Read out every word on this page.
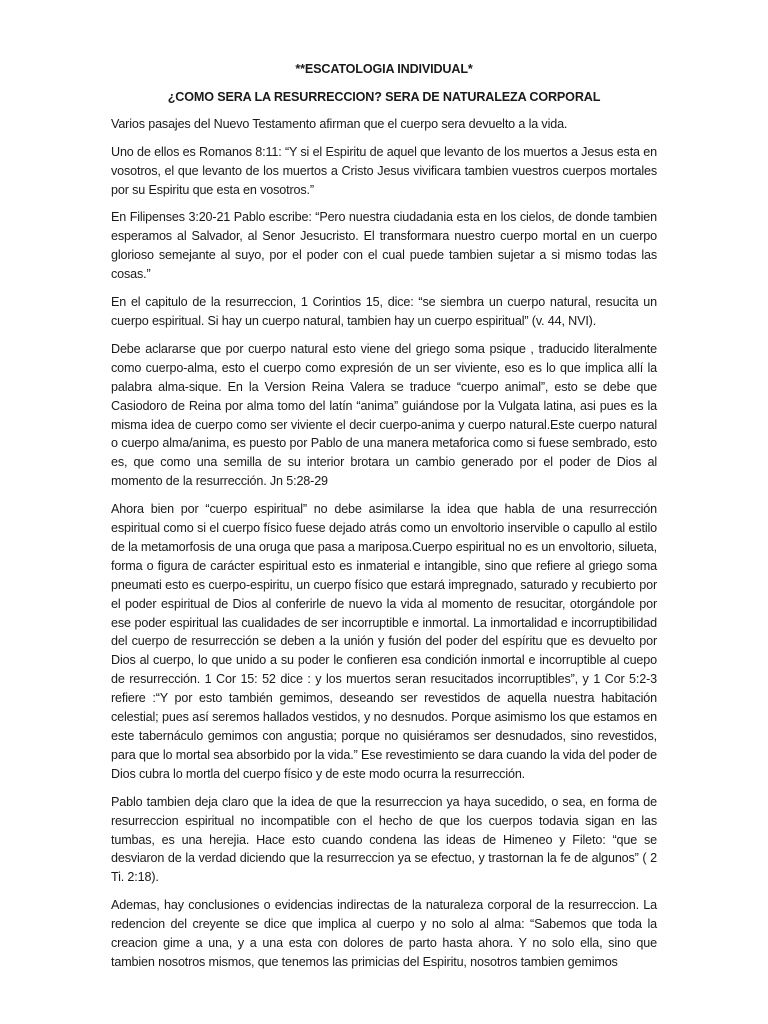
**ESCATOLOGIA INDIVIDUAL*

¿COMO SERA LA RESURRECCION? SERA DE NATURALEZA CORPORAL

Varios pasajes del Nuevo Testamento afirman que el cuerpo sera devuelto a la vida.

Uno de ellos es Romanos 8:11: “Y si el Espiritu de aquel que levanto de los muertos a Jesus esta en vosotros, el que levanto de los muertos a Cristo Jesus vivificara tambien vuestros cuerpos mortales por su Espiritu que esta en vosotros.”

En Filipenses 3:20-21 Pablo escribe: “Pero nuestra ciudadania esta en los cielos, de donde tambien esperamos al Salvador, al Senor Jesucristo. El transformara nuestro cuerpo mortal en un cuerpo glorioso semejante al suyo, por el poder con el cual puede tambien sujetar a si mismo todas las cosas.”

En el capitulo de la resurreccion, 1 Corintios 15, dice: “se siembra un cuerpo natural, resucita un cuerpo espiritual. Si hay un cuerpo natural, tambien hay un cuerpo espiritual” (v. 44, NVI).

Debe aclararse que por cuerpo natural esto viene del griego soma psique , traducido literalmente como cuerpo-alma, esto el cuerpo como expresión de un ser viviente, eso es lo que implica allí la palabra alma-sique. En la Version Reina Valera se traduce “cuerpo animal”, esto se debe que Casiodoro de Reina por alma tomo del latín “anima” guiándose por la Vulgata latina, asi pues es la misma idea de cuerpo como ser viviente el decir cuerpo-anima y cuerpo natural.Este cuerpo natural o cuerpo alma/anima, es puesto por Pablo de una manera metaforica como si fuese sembrado, esto es, que como una semilla de su interior brotara un cambio generado por el poder de Dios al momento de la resurrección. Jn 5:28-29

Ahora bien por “cuerpo espiritual” no debe asimilarse la idea que habla de una resurrección espiritual como si el cuerpo físico fuese dejado atrás como un envoltorio inservible o capullo al estilo de la metamorfosis de una oruga que pasa a mariposa.Cuerpo espiritual no es un envoltorio, silueta, forma o figura de carácter espiritual esto es inmaterial e intangible, sino que refiere al griego soma pneumati esto es cuerpo-espiritu, un cuerpo físico que estará impregnado, saturado y recubierto por el poder espiritual de Dios al conferirle de nuevo la vida al momento de resucitar, otorgándole por ese poder espiritual las cualidades de ser incorruptible e inmortal. La inmortalidad e incorruptibilidad del cuerpo de resurrección se deben a la unión y fusión del poder del espíritu que es devuelto por Dios al cuerpo, lo que unido a su poder le confieren esa condición inmortal e incorruptible al cuepo de resurrección. 1 Cor 15: 52 dice : y los muertos seran resucitados incorruptibles”, y 1 Cor 5:2-3 refiere :“Y por esto también gemimos, deseando ser revestidos de aquella nuestra habitación celestial; pues así seremos hallados vestidos, y no desnudos. Porque asimismo los que estamos en este tabernáculo gemimos con angustia; porque no quisiéramos ser desnudados, sino revestidos, para que lo mortal sea absorbido por la vida.” Ese revestimiento se dara cuando la vida del poder de Dios cubra lo mortla del cuerpo físico y de este modo ocurra la resurrección.

Pablo tambien deja claro que la idea de que la resurreccion ya haya sucedido, o sea, en forma de resurreccion espiritual no incompatible con el hecho de que los cuerpos todavia sigan en las tumbas, es una herejia. Hace esto cuando condena las ideas de Himeneo y Fileto: “que se desviaron de la verdad diciendo que la resurreccion ya se efectuo, y trastornan la fe de algunos” ( 2 Ti. 2:18).

Ademas, hay conclusiones o evidencias indirectas de la naturaleza corporal de la resurreccion. La redencion del creyente se dice que implica al cuerpo y no solo al alma: “Sabemos que toda la creacion gime a una, y a una esta con dolores de parto hasta ahora. Y no solo ella, sino que tambien nosotros mismos, que tenemos las primicias del Espiritu, nosotros tambien gemimos
